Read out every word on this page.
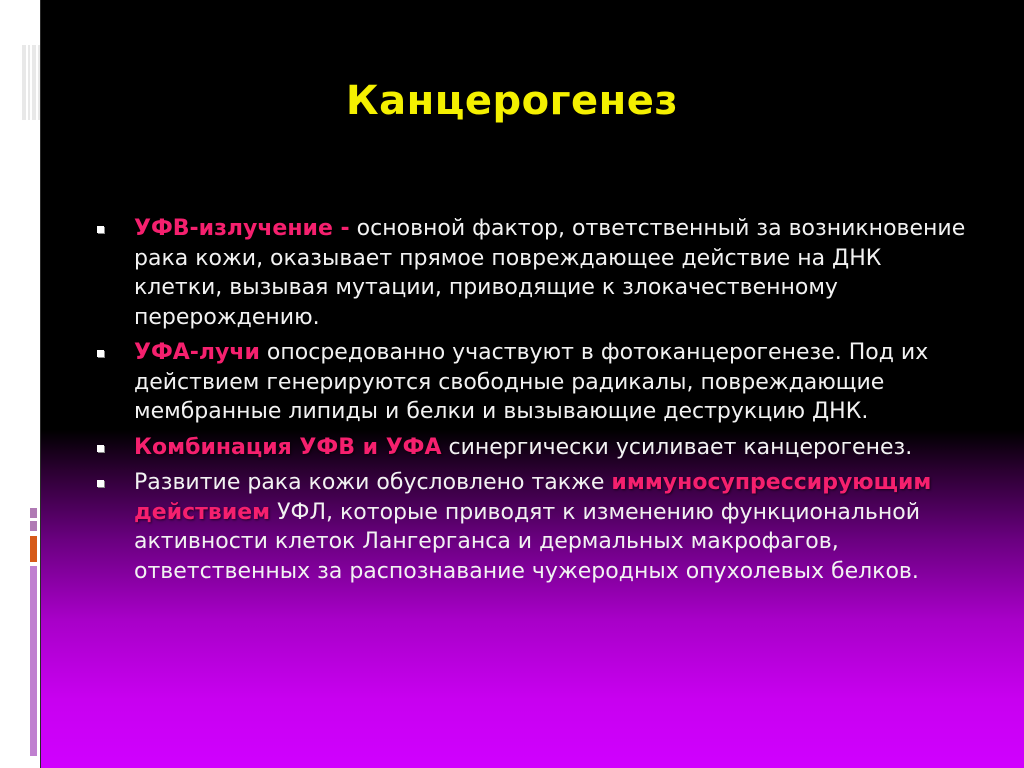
Канцерогенез
УФВ-излучение - основной фактор, ответственный за возникновение рака кожи, оказывает прямое повреждающее действие на ДНК клетки, вызывая мутации, приводящие к злокачественному перерождению.
УФА-лучи опосредованно участвуют в фотоканцерогенезе. Под их действием генерируются свободные радикалы, повреждающие мембранные липиды и белки и вызывающие деструкцию ДНК.
Комбинация УФВ и УФА синергически усиливает канцерогенез.
Развитие рака кожи обусловлено также иммуносупрессирующим действием УФЛ, которые приводят к изменению функциональной активности клеток Лангерганса и дермальных макрофагов, ответственных за распознавание чужеродных опухолевых белков.
